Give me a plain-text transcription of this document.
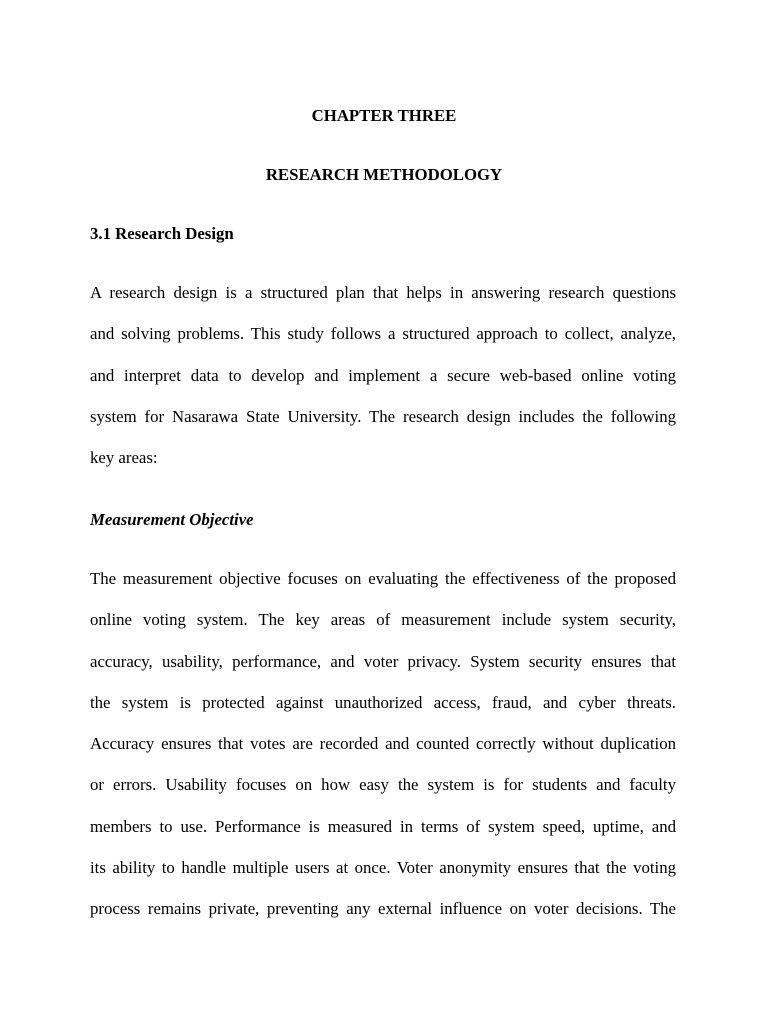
CHAPTER THREE
RESEARCH METHODOLOGY
3.1 Research Design
A research design is a structured plan that helps in answering research questions
and solving problems. This study follows a structured approach to collect, analyze,
and interpret data to develop and implement a secure web-based online voting
system for Nasarawa State University. The research design includes the following
key areas:
Measurement Objective
The measurement objective focuses on evaluating the effectiveness of the proposed
online voting system. The key areas of measurement include system security,
accuracy, usability, performance, and voter privacy. System security ensures that
the system is protected against unauthorized access, fraud, and cyber threats.
Accuracy ensures that votes are recorded and counted correctly without duplication
or errors. Usability focuses on how easy the system is for students and faculty
members to use. Performance is measured in terms of system speed, uptime, and
its ability to handle multiple users at once. Voter anonymity ensures that the voting
process remains private, preventing any external influence on voter decisions. The
